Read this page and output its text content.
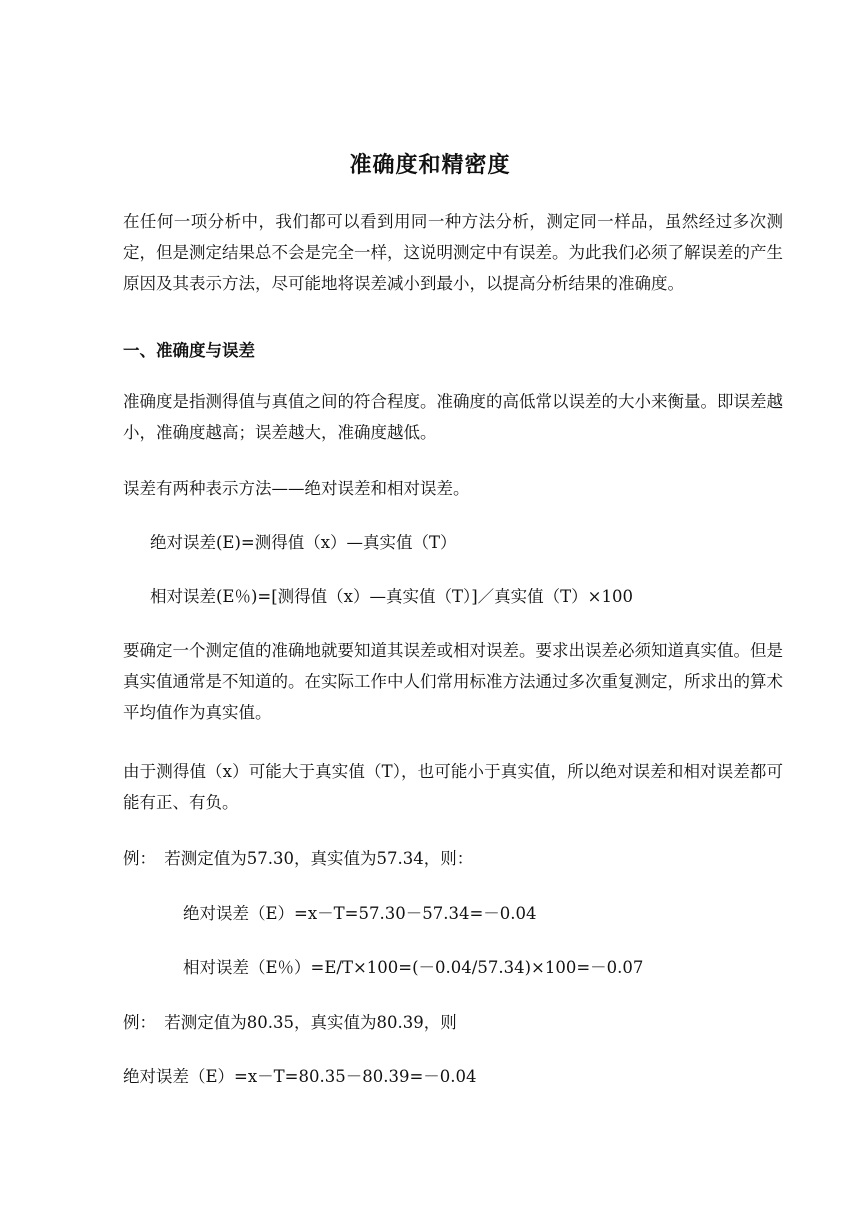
准确度和精密度
在任何一项分析中，我们都可以看到用同一种方法分析，测定同一样品，虽然经过多次测定，但是测定结果总不会是完全一样，这说明测定中有误差。为此我们必须了解误差的产生原因及其表示方法，尽可能地将误差减小到最小，以提高分析结果的准确度。
一、准确度与误差
准确度是指测得值与真值之间的符合程度。准确度的高低常以误差的大小来衡量。即误差越小，准确度越高；误差越大，准确度越低。
误差有两种表示方法——绝对误差和相对误差。
绝对误差(E)=测得值（x）—真实值（T）
相对误差(E％)=[测得值（x）—真实值（T）]／真实值（T）×100
要确定一个测定值的准确地就要知道其误差或相对误差。要求出误差必须知道真实值。但是真实值通常是不知道的。在实际工作中人们常用标准方法通过多次重复测定，所求出的算术平均值作为真实值。
由于测得值（x）可能大于真实值（T），也可能小于真实值，所以绝对误差和相对误差都可能有正、有负。
例：　若测定值为57.30，真实值为57.34，则：
绝对误差（E）=x－T=57.30－57.34=－0.04
相对误差（E％）=E/T×100=(－0.04/57.34)×100=－0.07
例：　若测定值为80.35，真实值为80.39，则
绝对误差（E）=x－T=80.35－80.39=－0.04
